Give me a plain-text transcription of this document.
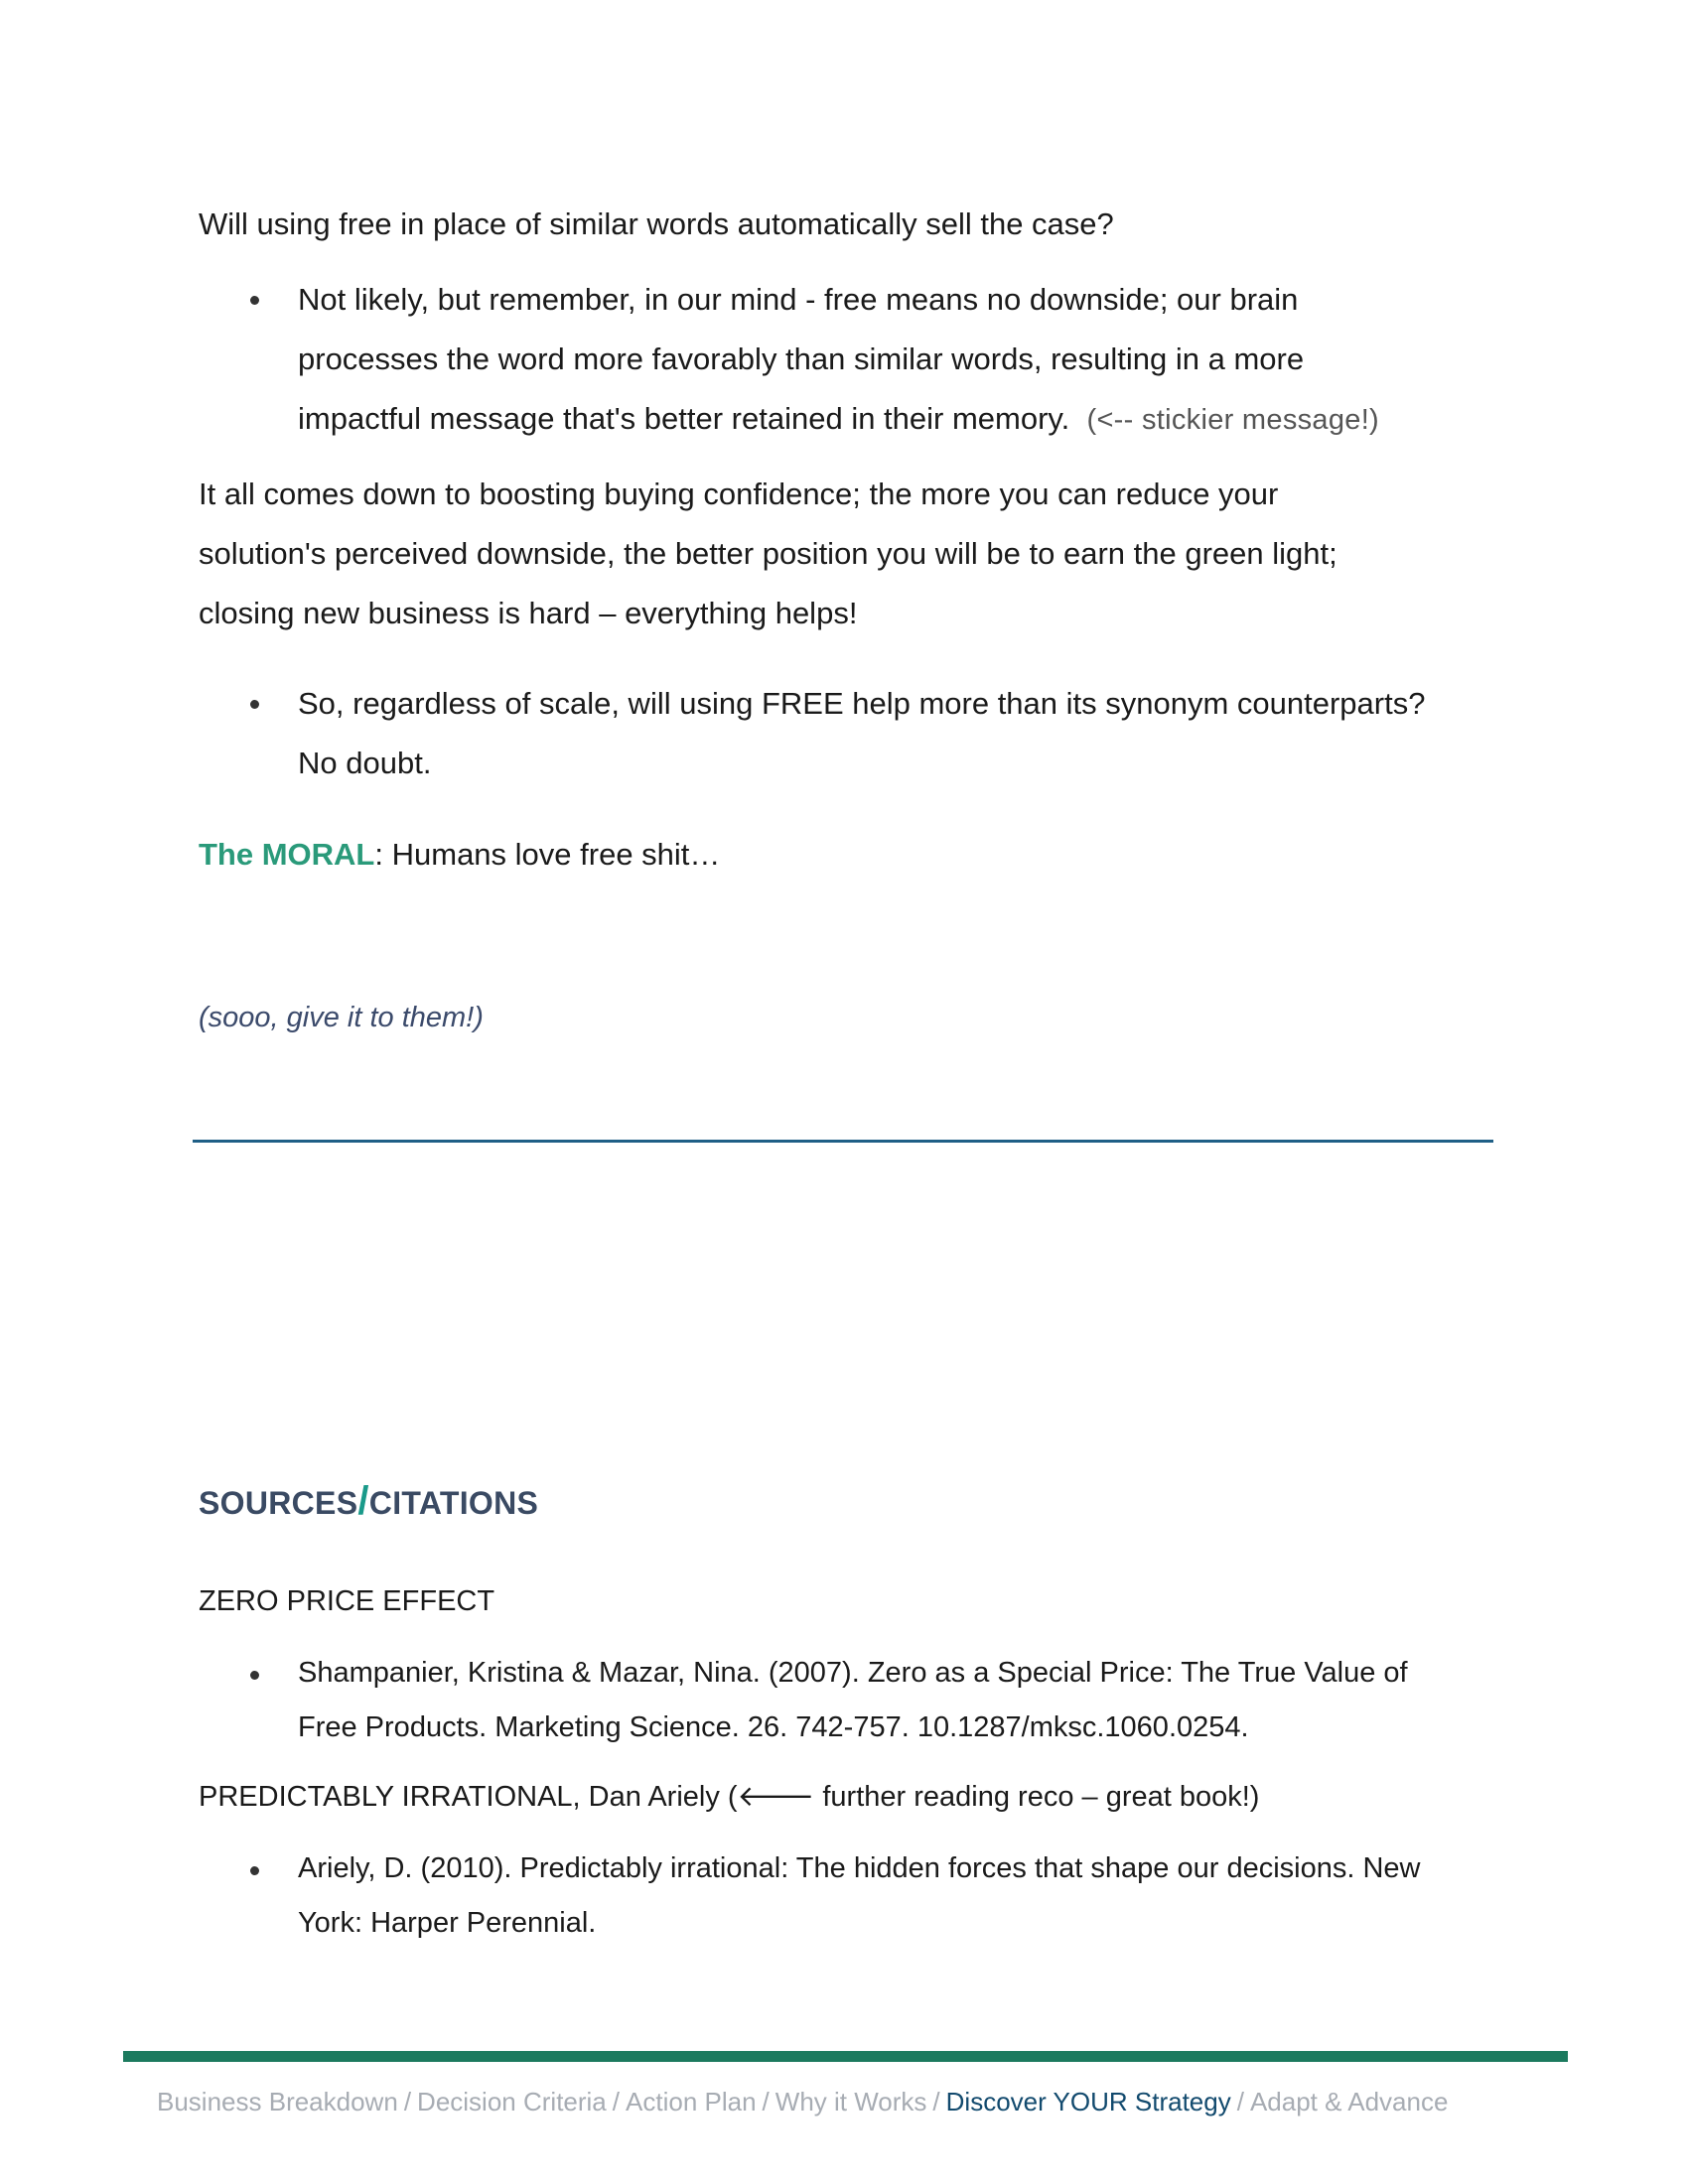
Will using free in place of similar words automatically sell the case?

Not likely, but remember, in our mind - free means no downside; our brain
processes the word more favorably than similar words, resulting in a more
impactful message that's better retained in their memory. (<-- stickier message!)
It all comes down to boosting buying confidence; the more you can reduce your
solution's perceived downside, the better position you will be to earn the green light;
closing new business is hard – everything helps!
So, regardless of scale, will using FREE help more than its synonym counterparts?
No doubt.

The MORAL: Humans love free shit…

(sooo, give it to them!)

SOURCES/CITATIONS
ZERO PRICE EFFECT
Shampanier, Kristina & Mazar, Nina. (2007). Zero as a Special Price: The True Value of
Free Products. Marketing Science. 26. 742-757. 10.1287/mksc.1060.0254.
PREDICTABLY IRRATIONAL, Dan Ariely (🡐 further reading reco – great book!)
Ariely, D. (2010). Predictably irrational: The hidden forces that shape our decisions. New
York: Harper Perennial.
Business Breakdown / Decision Criteria / Action Plan / Why it Works / Discover YOUR Strategy / Adapt & Advance
